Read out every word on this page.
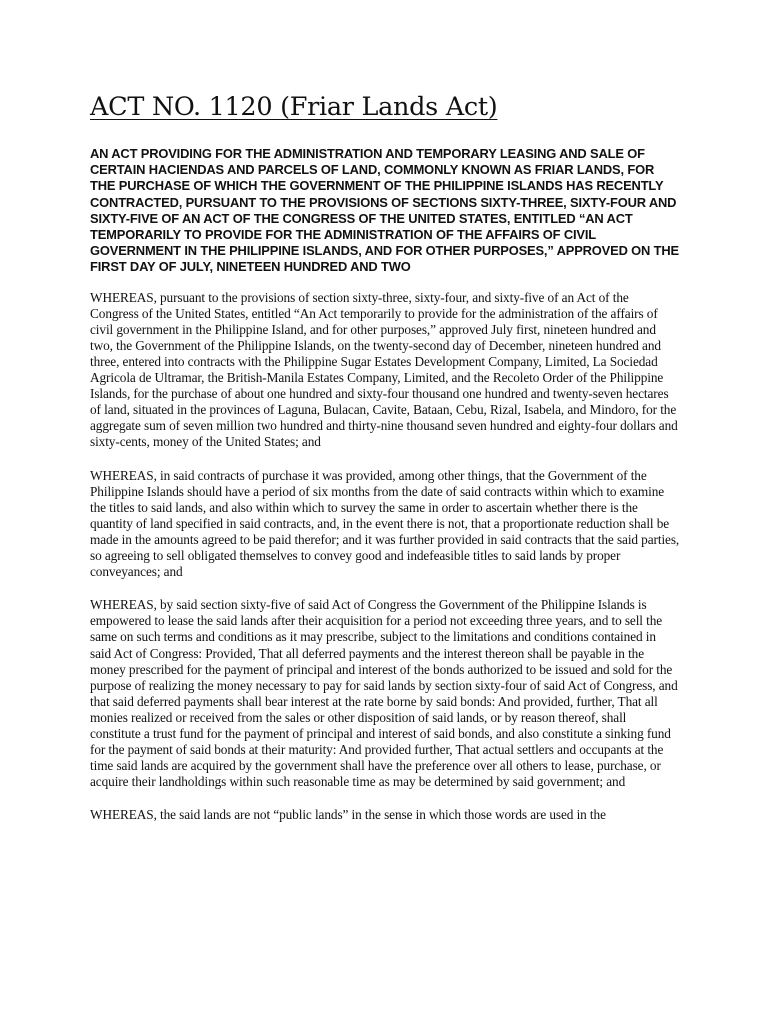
ACT NO. 1120 (Friar Lands Act)
AN ACT PROVIDING FOR THE ADMINISTRATION AND TEMPORARY LEASING AND SALE OF CERTAIN HACIENDAS AND PARCELS OF LAND, COMMONLY KNOWN AS FRIAR LANDS, FOR THE PURCHASE OF WHICH THE GOVERNMENT OF THE PHILIPPINE ISLANDS HAS RECENTLY CONTRACTED, PURSUANT TO THE PROVISIONS OF SECTIONS SIXTY-THREE, SIXTY-FOUR AND SIXTY-FIVE OF AN ACT OF THE CONGRESS OF THE UNITED STATES, ENTITLED “AN ACT TEMPORARILY TO PROVIDE FOR THE ADMINISTRATION OF THE AFFAIRS OF CIVIL GOVERNMENT IN THE PHILIPPINE ISLANDS, AND FOR OTHER PURPOSES,” APPROVED ON THE FIRST DAY OF JULY, NINETEEN HUNDRED AND TWO

WHEREAS, pursuant to the provisions of section sixty-three, sixty-four, and sixty-five of an Act of the Congress of the United States, entitled “An Act temporarily to provide for the administration of the affairs of civil government in the Philippine Island, and for other purposes,” approved July first, nineteen hundred and two, the Government of the Philippine Islands, on the twenty-second day of December, nineteen hundred and three, entered into contracts with the Philippine Sugar Estates Development Company, Limited, La Sociedad Agricola de Ultramar, the British-Manila Estates Company, Limited, and the Recoleto Order of the Philippine Islands, for the purchase of about one hundred and sixty-four thousand one hundred and twenty-seven hectares of land, situated in the provinces of Laguna, Bulacan, Cavite, Bataan, Cebu, Rizal, Isabela, and Mindoro, for the aggregate sum of seven million two hundred and thirty-nine thousand seven hundred and eighty-four dollars and sixty-cents, money of the United States; and

WHEREAS, in said contracts of purchase it was provided, among other things, that the Government of the Philippine Islands should have a period of six months from the date of said contracts within which to examine the titles to said lands, and also within which to survey the same in order to ascertain whether there is the quantity of land specified in said contracts, and, in the event there is not, that a proportionate reduction shall be made in the amounts agreed to be paid therefor; and it was further provided in said contracts that the said parties, so agreeing to sell obligated themselves to convey good and indefeasible titles to said lands by proper conveyances; and

WHEREAS, by said section sixty-five of said Act of Congress the Government of the Philippine Islands is empowered to lease the said lands after their acquisition for a period not exceeding three years, and to sell the same on such terms and conditions as it may prescribe, subject to the limitations and conditions contained in said Act of Congress: Provided, That all deferred payments and the interest thereon shall be payable in the money prescribed for the payment of principal and interest of the bonds authorized to be issued and sold for the purpose of realizing the money necessary to pay for said lands by section sixty-four of said Act of Congress, and that said deferred payments shall bear interest at the rate borne by said bonds: And provided, further, That all monies realized or received from the sales or other disposition of said lands, or by reason thereof, shall constitute a trust fund for the payment of principal and interest of said bonds, and also constitute a sinking fund for the payment of said bonds at their maturity: And provided further, That actual settlers and occupants at the time said lands are acquired by the government shall have the preference over all others to lease, purchase, or acquire their landholdings within such reasonable time as may be determined by said government; and

WHEREAS, the said lands are not “public lands” in the sense in which those words are used in the
